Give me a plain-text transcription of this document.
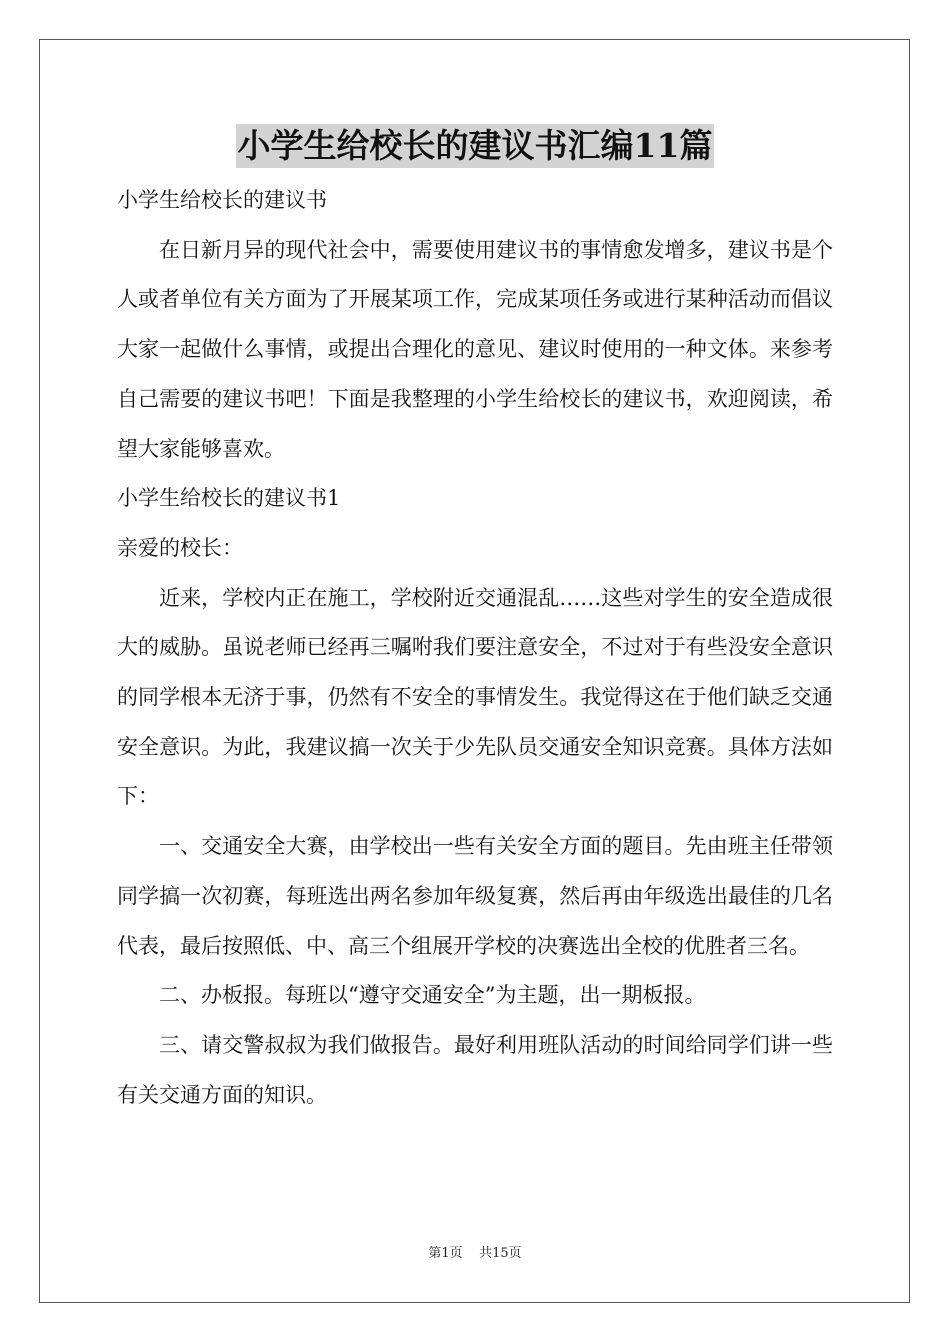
小学生给校长的建议书汇编11篇

小学生给校长的建议书

在日新月异的现代社会中，需要使用建议书的事情愈发增多，建议书是个人或者单位有关方面为了开展某项工作，完成某项任务或进行某种活动而倡议大家一起做什么事情，或提出合理化的意见、建议时使用的一种文体。来参考自己需要的建议书吧！下面是我整理的小学生给校长的建议书，欢迎阅读，希望大家能够喜欢。

小学生给校长的建议书1

亲爱的校长：

近来，学校内正在施工，学校附近交通混乱……这些对学生的安全造成很大的威胁。虽说老师已经再三嘱咐我们要注意安全，不过对于有些没安全意识的同学根本无济于事，仍然有不安全的事情发生。我觉得这在于他们缺乏交通安全意识。为此，我建议搞一次关于少先队员交通安全知识竞赛。具体方法如下：

一、交通安全大赛，由学校出一些有关安全方面的题目。先由班主任带领同学搞一次初赛，每班选出两名参加年级复赛，然后再由年级选出最佳的几名代表，最后按照低、中、高三个组展开学校的决赛选出全校的优胜者三名。

二、办板报。每班以“遵守交通安全”为主题，出一期板报。

三、请交警叔叔为我们做报告。最好利用班队活动的时间给同学们讲一些有关交通方面的知识。

第1页 共15页
